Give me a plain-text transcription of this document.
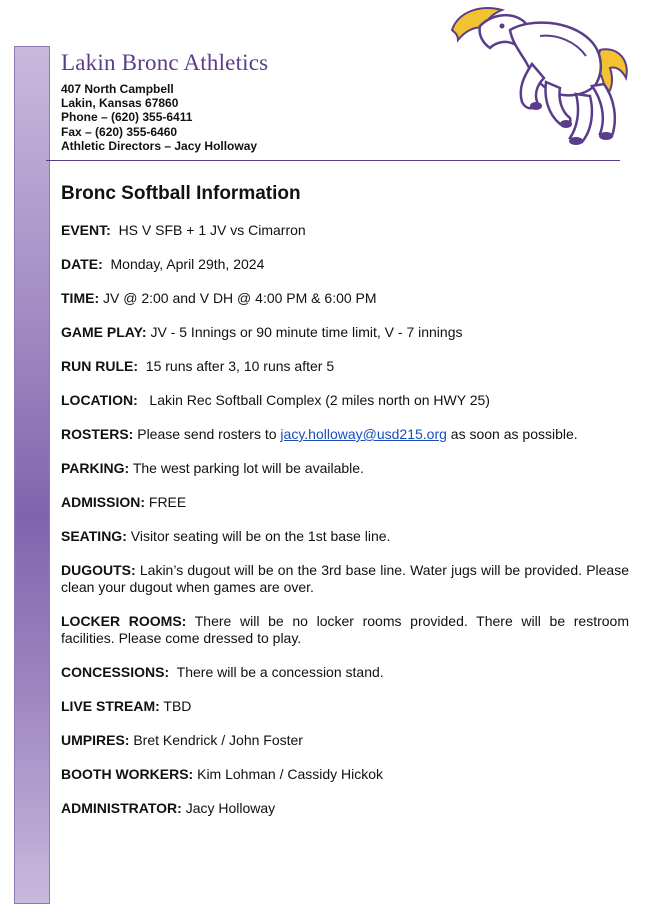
Lakin Bronc Athletics
407 North Campbell
Lakin, Kansas 67860
Phone – (620) 355-6411
Fax – (620) 355-6460
Athletic Directors – Jacy Holloway
Bronc Softball Information
EVENT:  HS V SFB + 1 JV vs Cimarron
DATE:  Monday, April 29th, 2024
TIME: JV @ 2:00 and V DH @ 4:00 PM & 6:00 PM
GAME PLAY: JV - 5 Innings or 90 minute time limit, V - 7 innings
RUN RULE:  15 runs after 3, 10 runs after 5
LOCATION:   Lakin Rec Softball Complex (2 miles north on HWY 25)
ROSTERS: Please send rosters to jacy.holloway@usd215.org as soon as possible.
PARKING: The west parking lot will be available.
ADMISSION: FREE
SEATING: Visitor seating will be on the 1st base line.
DUGOUTS: Lakin’s dugout will be on the 3rd base line. Water jugs will be provided. Please clean your dugout when games are over.
LOCKER ROOMS: There will be no locker rooms provided. There will be restroom facilities. Please come dressed to play.
CONCESSIONS:  There will be a concession stand.
LIVE STREAM: TBD
UMPIRES: Bret Kendrick / John Foster
BOOTH WORKERS: Kim Lohman / Cassidy Hickok
ADMINISTRATOR: Jacy Holloway
